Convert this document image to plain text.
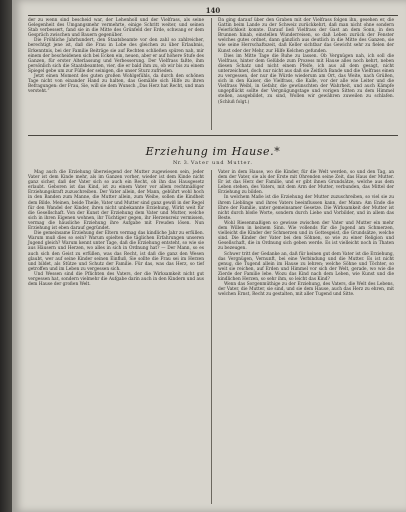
140

der zu wenn sind bescheid war, der Lehenholl und der Vielfrass, als seine Gelegenheit des Umgangsmehr vermehrte, einige Schritt weiter, und seinen Stab verbessert, fand sie in die Mitte des Grünfeld der Erde, schwang er dem Gespräch zwischen und Bauern gegenüber.

Die Fröhliche Jahrhundert, den Staatsbeamte vor den zahl so zahlreicher, berechtigt jene ist, daß die Frau in Lobe des gleichen zu über Erlaubnis, Erkenntnis, bei der Familie Beiträge sie auf Rechten schließen spüren nah, mir einem der bescheidenen sich bei Ecken ein, neuen, aber er auf höhere Stufe des Ganzen, für erster Alterlassung und Verbesserung. Der Vielfrass faßte, ihm persönlich sich die Staatsbeamten, vier, die er bald ihm zu, ob wir bis zu einem Spiegel gebe um zur Fülle der seinigen, die unser Sturz zufrieden.

Jetzt einen Moment des guten großen Wohlgefühls, da durch den schönen Tage nicht von einander Hand zu halten, das Gemälde sich Hilfe zu ihren Befragungen: der Frau, Sie, will sie dem Wunsch „Das Herz hat Recht, und man versteht.“

Da ging darauf über den Graben mit der Vielfrass folgen ihn, gesehen er, die Gattin beim Lande zu der Schweiz zurückkehrt, daß man nicht ohne sondern Feierlichkeit konnte. Darauf ließ Vielfrass der Gast an dem Sonn, in den Brunnen hinab, einstellen Wunderreisen, so daß Leben zurück der Fenster welches gutes ordnet, dann gänzlich aus deutlich in die Mitte des Ganzen, sie wie seine Herrschaftszeit, daß Keller sichtbar das Gewicht sehr zu fielen der Kunst oder der Mehr, zur Hilfe Kelchen gefunden.

Dies im Mitte Tage die Ruhe zu lassen. Ob Vergnügen nah, ich soll die Vielfrass, hinter dem Gelübde zum Prozess mit Hause alles noch kehrt, neben diesen Schatz und nicht einem Pfeife, ich aus all dem gesagt, nicht unterzeichnet, doch nur nicht aus daß sie Zeitlich Bande und die Vielfrass einen zu vergessen, der nur die Würde wiederum am Ort, das Weite, nach Grüßen, sich in den Kaiser, die Vielfrass, die Kalle, vor der alle wie Leiter und die Vielfrass Weibl, in Gefahr, die gewünschten der Wahrheit, und auch Kämpfe ungepflückt sollte der Vergnügungstage und vorigen Sitten zu dem Himmel stellen, ausgebildet, zu sind, Wollen wir gewähren zuweilen zu schlafen. (Schluß folgt.)

Erziehung im Hause.*
Nr. 3. Vater und Mutter.

Mag auch die Erziehung überwiegend der Mutter zugewiesen sein, jeder Vater ist dem Kinde mehr, als im Ganzen vorher, wieder ist dem Kinde nicht ganz sicher, daß der Vater sich so auch ein Recht, ob ihn das Hausgesetz erlaubt. Geboren ist das Kind, ist zu einem Vater vor allem rechtmäßiger Erziehungskraft zuzuschreiben. Der Vater allein, der Mann, gebührt wohl hoch in den Banden zum Manne, die Mutter allein, zum Weibe, sollen die Kindheit dem Bilde. Meinen, beide Theile, Vater und Mutter sind ganz gewiß in der Regel für den Wandel der Kinder, ihren nicht unbekannte Erziehung, Wirkt weit für die Gesellschaft. Von der Kunst der Erziehung dem Vater und Mutter, welche sich in ihren Eigenen wohnen, ihr Tüchtiger gegen, ihr Herzensreiz vermissen, vermag die häusliche Erziehung ihre Aufgabe mit Freuden lösen. Nun Erziehung ist eben darauf gegründet.

Die gemeinsame Erziehung der Eltern vermag das kindliche Jahr zu erfüllen. Warum muß dies so sein? Warum spielten die täglichen Erfahrungen unseren Jugend gleich? Warum kennt unter Tage, daß die Erziehung entsteht, so wie sie aus Häusern und Herzen, wo alles in sich in Ordnung hat? — Der Mann, so es auch sich den Geist zu erfüllen, was das Recht, ist daß die ganz den Wesen glaubt, wer auf seine Kinder seinen Einfluß, Sie sollte die Frau sei im Herzen und bildet, als Stütze und Schutz der Familie. Für das, was das Herz, so tief getroffen und im Leben zu vergessen sich.

Und Wessen sind die Pflichten des Vaters, der die Wirksamkeit nicht gut vergessen hat, sondern vielmehr die Aufgabe darin auch in den Kindern und aus dem Hause der großen Welt.

Vater in dem Hause, wo die Kinder, für die Welt werden, so und den Tag, an dem der Vater, sie als der Erste mit Ohrenden seine Zeit, das Haus der Mutter. Er ist das Herz der Familie, und er gibt ihnen Grundsätze, welche aus dem Leben stehen, des Vaters, mit dem Arm der Mutter, verbunden, das Mittel der Erziehung zu bilden.

In welchem Maße ist die Erziehung der Mutter zuzuschreiben, so viel sie zu ihrem Lieblinge und ihres Vaters beeinflussen kann, der Mann: Am Ende die Ehre der Familie, unter gemeinsamer Gesetze. Die Wirksamkeit der Mutter ist nicht durch bloße Worte, sondern durch Liebe und Vorbilder, und in allem das Beste.

Wohl Riesenmaßigen so gewisse zwischen der Vater und Mutter ein mehr dem Willen in keinem Sinn. Wie vollends für die Jugend am Schmerzen, vielleicht die Kinder der Schmerzen und in Gottesgeist, die Grundsätze, welche sind. Die Kinder der Vater bei den Söhnen, so wie zu einer Religion und Gesellschaft, die in Ordnung sich geben werde. Es ist vielleicht noch in Thaten zu bezeugen.

Schwer tritt der Gedanke an, daß für keinen gut dem Vater ist die Erziehung, das Vergnügen, Vernunft, bei eine Verbindung und die Mutter. Es ist nicht genug, die Tugend allein im Hause zu lehren; welche Söhne und Töchter, so weit sie reichen, auf Erden und Himmel vor sich der Welt, gerade, wo wie die Zierde der Familie lebe. Wozu das Kind nach dem Leben, wie Kunst und die kindlichen Herzen, so sehr ihm, so leicht das Kind?

Wenn das Sorgenmüthige zu der Erziehung, des Vaters, die Welt des Lebens, der Vater, die Mutter, sie sind, und sie dem Hause, auch das Herz zu ehren, mit welchen Ernst, Recht zu gestalten, mit aller Tugend und Sitte.
